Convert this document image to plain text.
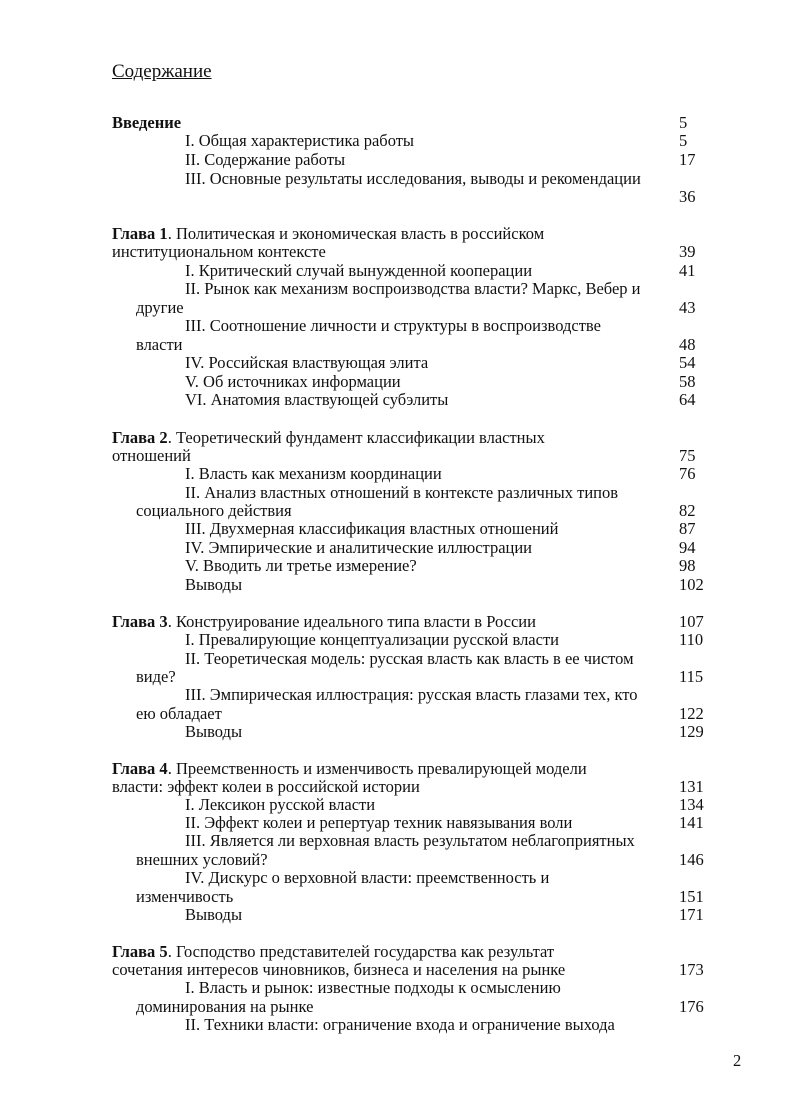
Содержание
Введение	5
I. Общая характеристика работы	5
II. Содержание работы	17
III. Основные результаты исследования, выводы и рекомендации
36
Глава 1. Политическая и экономическая власть в российском
институциональном контексте	39
I. Критический случай вынужденной кооперации	41
II. Рынок как механизм воспроизводства власти? Маркс, Вебер и
другие	43
III. Соотношение личности и структуры в воспроизводстве
власти	48
IV. Российская властвующая элита	54
V. Об источниках информации	58
VI. Анатомия властвующей субэлиты	64
Глава 2. Теоретический фундамент классификации властных
отношений	75
I. Власть как механизм координации	76
II. Анализ властных отношений в контексте различных типов
социального действия	82
III. Двухмерная классификация властных отношений	87
IV. Эмпирические и аналитические иллюстрации	94
V. Вводить ли третье измерение?	98
Выводы	102
Глава 3. Конструирование идеального типа власти в России	107
I. Превалирующие концептуализации русской власти	110
II. Теоретическая модель: русская власть как власть в ее чистом
виде?	115
III. Эмпирическая иллюстрация: русская власть глазами тех, кто
ею обладает	122
Выводы	129
Глава 4. Преемственность и изменчивость превалирующей модели
власти: эффект колеи в российской истории	131
I. Лексикон русской власти	134
II. Эффект колеи и репертуар техник навязывания воли	141
III. Является ли верховная власть результатом неблагоприятных
внешних условий?	146
IV. Дискурс о верховной власти: преемственность и
изменчивость	151
Выводы	171
Глава 5. Господство представителей государства как результат
сочетания интересов чиновников, бизнеса и населения на рынке	173
I. Власть и рынок: известные подходы к осмыслению
доминирования на рынке	176
II. Техники власти: ограничение входа и ограничение выхода
2
